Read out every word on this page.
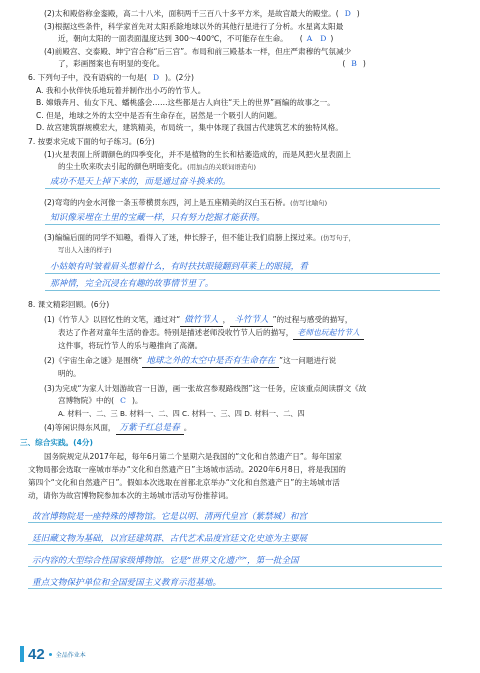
(2)太和殿俗称金銮殿，高二十八米，面积两千三百八十多平方米，是故宫最大的殿堂。( D )
(3)根据这些条件，科学家首先对太阳系除地球以外的其他行星进行了分析。水星离太阳最
近，朝向太阳的一面表面温度达到 300～400℃，不可能存在生命。 ( A D )
(4)前殿宫、交泰殿、坤宁宫合称“后三宫”。布局和前三殿基本一样，但庄严肃穆的气氛减少
了，彩画图案也有明显的变化。	( B )
6. 下列句子中，没有语病的一句是( D )。(2分)
A. 我和小伙伴快乐地玩着并制作出小巧的竹节人。
B. 嫦娥奔月、仙女下凡、蟠桃盛会……这些都是古人向往“天上的世界”画编的故事之一。
C. 但是，地球之外的太空中是否有生命存在，居然是一个吸引人的问题。
D. 故宫建筑群规模宏大，建筑精美，布局统一，集中体现了我国古代建筑艺术的独特风格。
7. 按要求完成下面的句子练习。(6分)
(1)火星表面上所谓颜色的四季变化，并不是植物的生长和枯萎造成的，而是风把火星表面上
的尘土吹来吹去引起的颜色明暗变化。(用加点的关联词语造句)
成功不是天上掉下来的，而是通过奋斗换来的。
(2)弯弯的内金水河像一条玉带横贯东西，河上是五座精美的汉白玉石桥。(仿写比喻句)
知识像采埋在土里的宝藏一样，只有努力挖掘才能获得。
(3)编编后面的同学不知趣，看得入了迷，伸长脖子，但不能让我们肩膀上探过来。(仿写句子，
写出人入迷的样子)
小姑娘有时皱着眉头想着什么，有时扶扶眼镜翻到草莱上的眼镜，看
那神情，完全沉浸在有趣的故事情节里了。
8. 课文精彩回顾。(6分)
(1)《竹节人》以回忆性的文笔，通过对“ 做竹节人 ， 斗竹节人 ”的过程与感受的描写，
表达了作者对童年生活的眷恋。特别是描述老师没收竹节人后的描写， 老师也玩起竹节人
这件事，将玩竹节人的乐与趣推向了高潮。
(2)《宇宙生命之谜》是围绕“ 地球之外的太空中是否有生命存在 ”这一问题进行说
明的。
(3)为完成“为家人计划游故宫一日游，画一张故宫参观路线图”这一任务，应该重点阅读群文《故
宫博物院》中的( C )。
A. 材料一、二、三 B. 材料一、二、四 C. 材料一、三、四 D. 材料一、二、四
(4)等闲识得东风面， 万紫千红总是春 。
三、综合实践。(4分)
国务院规定从2017年起，每年6月第二个星期六是我国的“文化和自然遗产日”。每年国家
文物局都会选取一座城市举办“文化和自然遗产日”主场城市活动。2020年6月8日，将是我国的
第四个“文化和自然遗产日”。假如本次选取在首都北京举办“文化和自然遗产日”的主场城市活
动，请你为故宫博物院参加本次的主场城市活动写份推荐词。
故宫博物院是一座特殊的博物馆。它是以明、清两代皇宫（紫禁城）和宫
廷旧藏文物为基础，以宫廷建筑群、古代艺术品度宫廷文化史迹为主要展
示内容的大型综合性国家级博物馆。它是“世界文化遗产”，第一批全国
重点文物保护单位和全国爱国主义教育示范基地。
42 全品作业本
